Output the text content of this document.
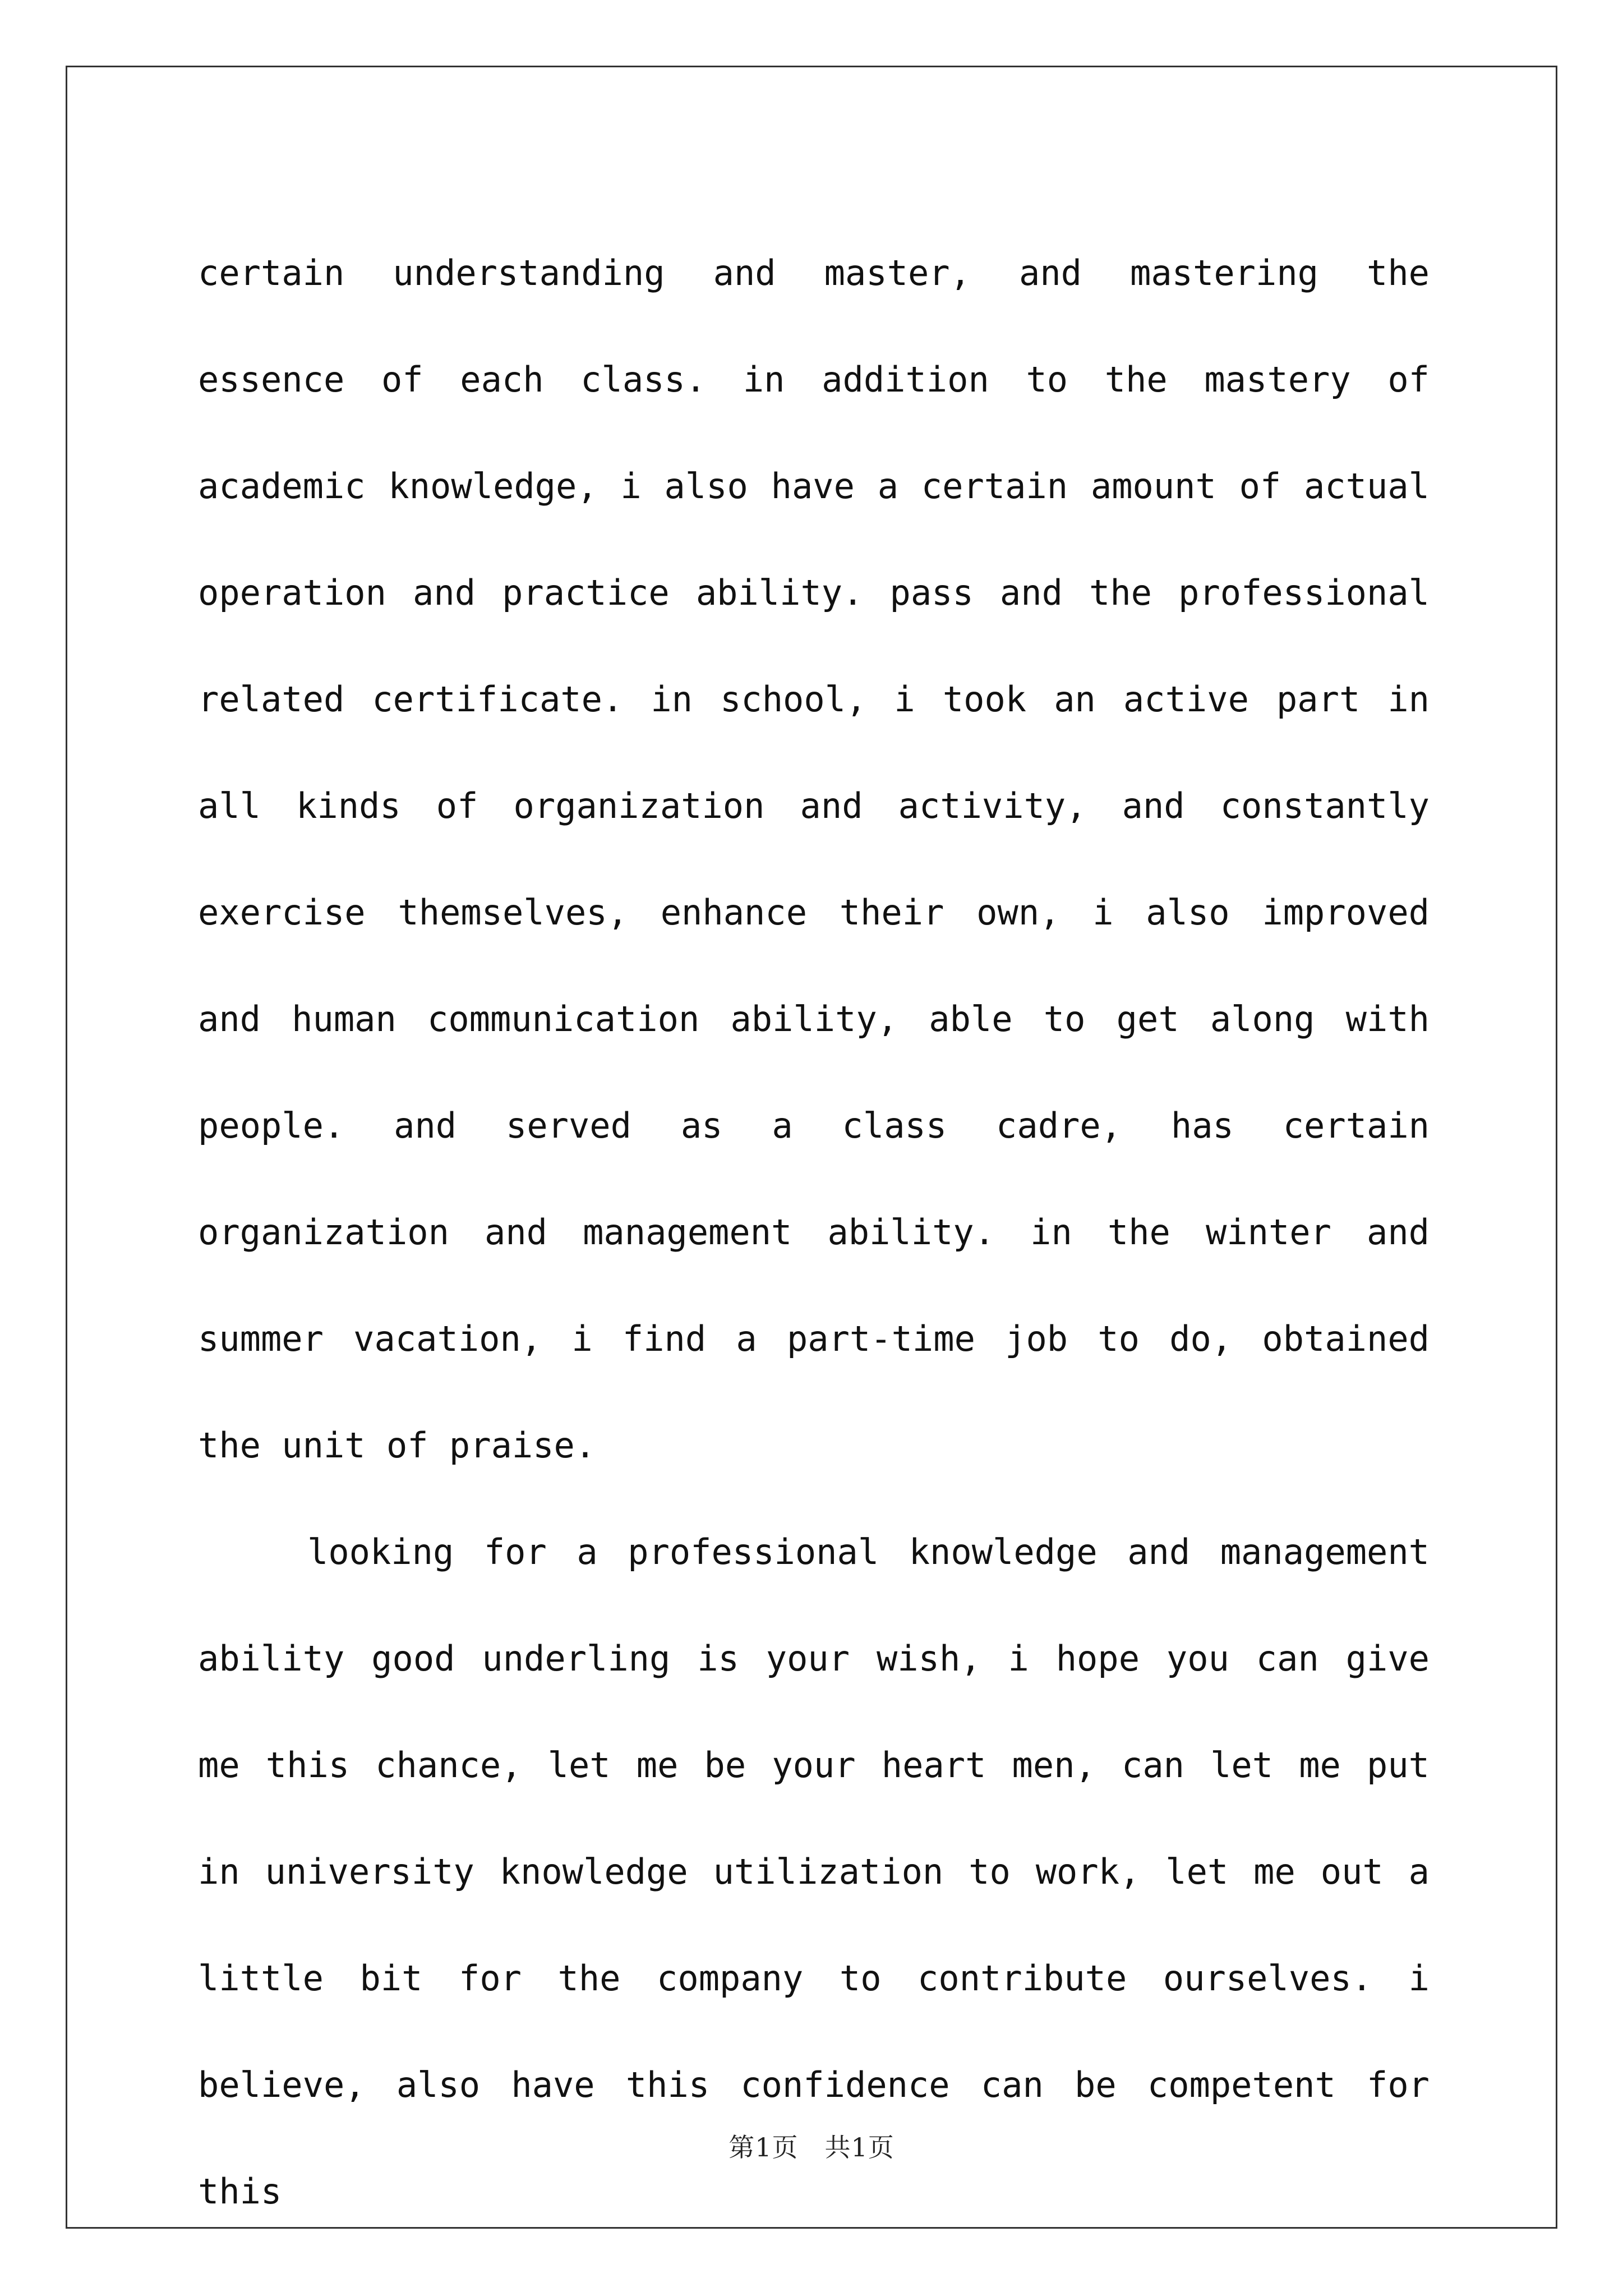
certain understanding and master, and mastering the essence of each class. in addition to the mastery of academic knowledge, i also have a certain amount of actual operation and practice ability. pass and the professional related certificate. in school, i took an active part in all kinds of organization and activity, and constantly exercise themselves, enhance their own, i also improved and human communication ability, able to get along with people. and served as a class cadre, has certain organization and management ability. in the winter and summer vacation, i find a part-time job to do, obtained the unit of praise.

looking for a professional knowledge and management ability good underling is your wish, i hope you can give me this chance, let me be your heart men, can let me put in university knowledge utilization to work, let me out a little bit for the company to contribute ourselves. i believe, also have this confidence can be competent for this

第1页 共1页
